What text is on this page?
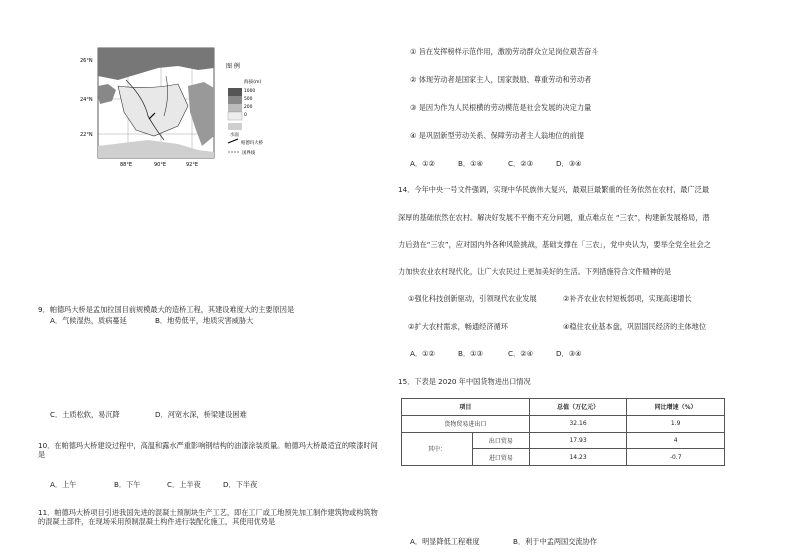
26°N
24°N
22°N
88°E	90°E	92°E
图 例
海拔(m)
1000
500
200
0
水面
帕德玛大桥
国界线
9．帕德玛大桥是孟加拉国目前规模最大的造桥工程，其建设难度大的主要原因是
A．气候湿热，质病蔓延	B．地势低平，地质灾害威胁大
C．土质松软，易沉降	D．河宽水深，桥梁建设困难
10．在帕德玛大桥建设过程中，高温和露水严重影响钢结构的油漆涂装质量。帕德玛大桥最适宜的喷漆时间是
A．上午	B．下午	C．上半夜	D．下半夜
11．帕德玛大桥项目引进我国先进的混凝土预制块生产工艺，即在工厂或工地预先加工制作建筑物或构筑物的混凝土部件，在现场采用预制混凝土构件进行装配化施工，其使用优势是
① 旨在发挥榜样示范作用，激励劳动群众立足岗位艰苦奋斗
② 体现劳动者是国家主人，国家鼓励、尊重劳动和劳动者
③ 是因为作为人民根横的劳动模范是社会发展的决定力量
④ 是巩固新型劳动关系、保障劳动者主人翁地位的前提
A．①②	B．①④	C．②③	D．③④
14．今年中央一号文件强调，实现中华民族伟大复兴，最艰巨最繁重的任务依然在农村，最广泛最
深厚的基础依然在农村。解决好发展不平衡不充分问题，重点难点在 “三农”，构建新发展格局，潜
力后劲在“三农”，应对国内外各种风险挑战，基础支撑在「三农」，党中央认为，要举全党全社会之
力加快农业农村现代化，让广大农民过上更加美好的生活。下列措施符合文件精神的是
①强化科技创新驱动，引领现代农业发展	②补齐农业农村短板弱项，实现高速增长
②扩大农村需求，畅通经济循环	④稳住农业基本盘，巩固国民经济的主体地位
A．①②	B．①③	C．②④	D．③④
15．下表是 2020 年中国货物进出口情况
项目		总值（万亿元）	同比增速（%）
货物贸易进出口		32.16	1.9
其中：	出口贸易	17.93	4
	进口贸易	14.23	-0.7
A．明显降低工程难度	B．利于中孟两国交流协作
